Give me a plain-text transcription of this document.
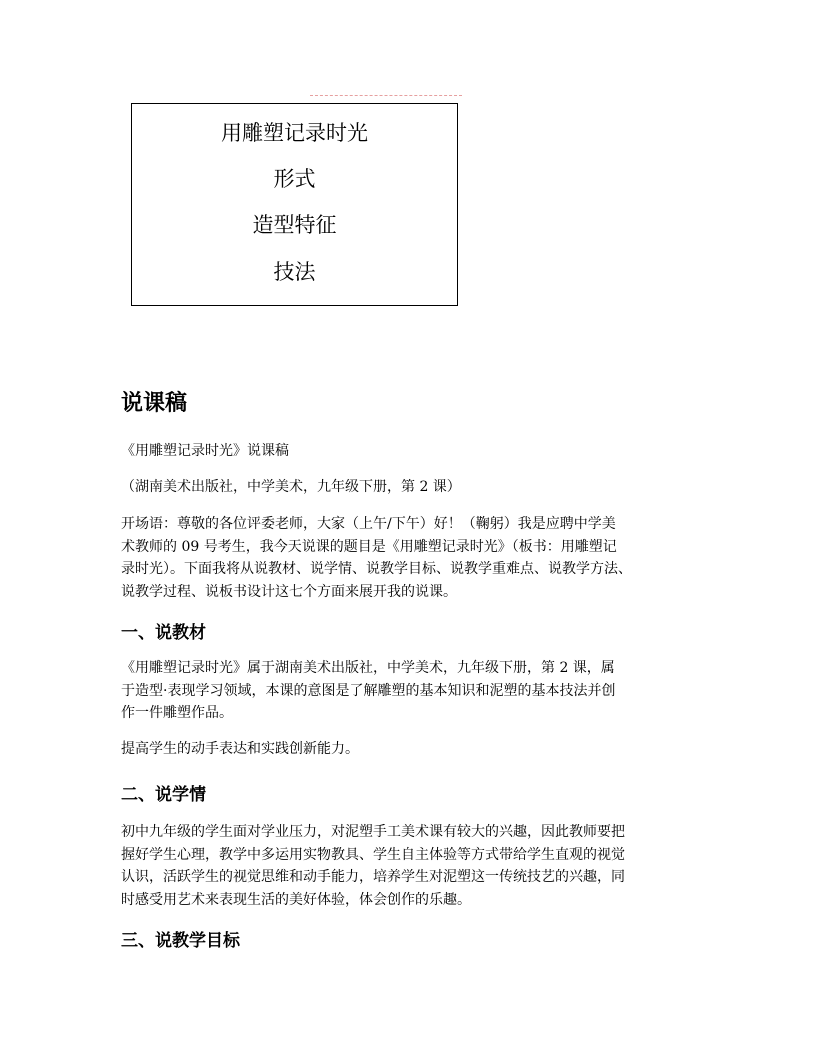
用雕塑记录时光
形式
造型特征
技法
说课稿
《用雕塑记录时光》说课稿
（湖南美术出版社，中学美术，九年级下册，第 2 课）
开场语：尊敬的各位评委老师，大家（上午/下午）好！（鞠躬）我是应聘中学美
术教师的 09 号考生，我今天说课的题目是《用雕塑记录时光》（板书：用雕塑记
录时光）。下面我将从说教材、说学情、说教学目标、说教学重难点、说教学方法、
说教学过程、说板书设计这七个方面来展开我的说课。
一、说教材
《用雕塑记录时光》属于湖南美术出版社，中学美术，九年级下册，第 2 课，属
于造型·表现学习领域，本课的意图是了解雕塑的基本知识和泥塑的基本技法并创
作一件雕塑作品。
提高学生的动手表达和实践创新能力。
二、说学情
初中九年级的学生面对学业压力，对泥塑手工美术课有较大的兴趣，因此教师要把
握好学生心理，教学中多运用实物教具、学生自主体验等方式带给学生直观的视觉
认识，活跃学生的视觉思维和动手能力，培养学生对泥塑这一传统技艺的兴趣，同
时感受用艺术来表现生活的美好体验，体会创作的乐趣。
三、说教学目标
